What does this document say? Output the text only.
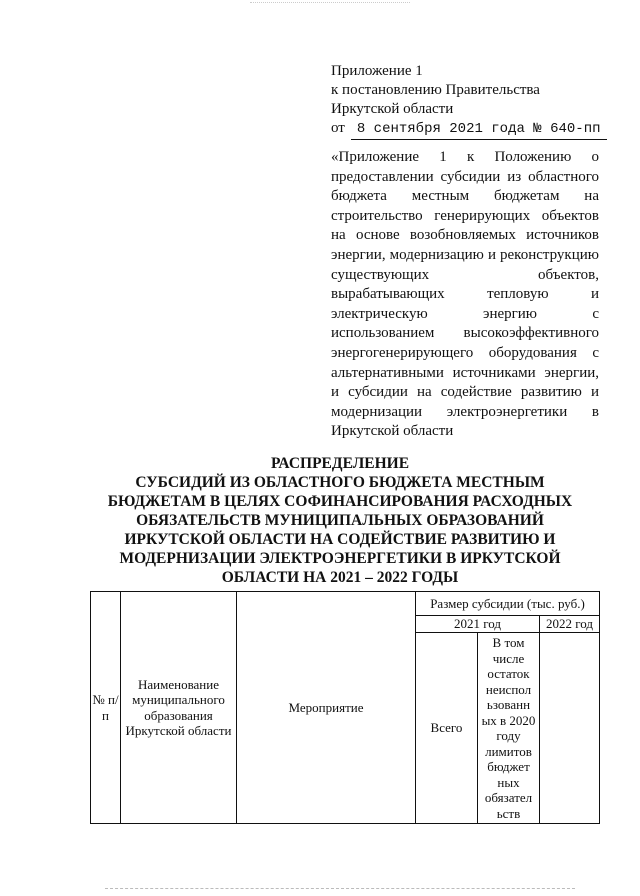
Приложение 1
к постановлению Правительства
Иркутской области
от 8 сентября 2021 года № 640-пп
«Приложение 1 к Положению о предоставлении субсидии из областного бюджета местным бюджетам на строительство генерирующих объектов на основе возобновляемых источников энергии, модернизацию и реконструкцию существующих объектов, вырабатывающих тепловую и электрическую энергию с использованием высокоэффективного энергогенерирующего оборудования с альтернативными источниками энергии, и субсидии на содействие развитию и модернизации электроэнергетики в Иркутской области
РАСПРЕДЕЛЕНИЕ
СУБСИДИЙ ИЗ ОБЛАСТНОГО БЮДЖЕТА МЕСТНЫМ
БЮДЖЕТАМ В ЦЕЛЯХ СОФИНАНСИРОВАНИЯ РАСХОДНЫХ
ОБЯЗАТЕЛЬСТВ МУНИЦИПАЛЬНЫХ ОБРАЗОВАНИЙ
ИРКУТСКОЙ ОБЛАСТИ НА СОДЕЙСТВИЕ РАЗВИТИЮ И
МОДЕРНИЗАЦИИ ЭЛЕКТРОЭНЕРГЕТИКИ В ИРКУТСКОЙ
ОБЛАСТИ НА 2021 – 2022 ГОДЫ
№ п/п	Наименование муниципального образования Иркутской области	Мероприятие	Размер субсидии (тыс. руб.)		
			2021 год		2022 год
			Всего	В том числе остаток неиспол ьзованн ых в 2020 году лимитов бюджет ных обязател ьств	
